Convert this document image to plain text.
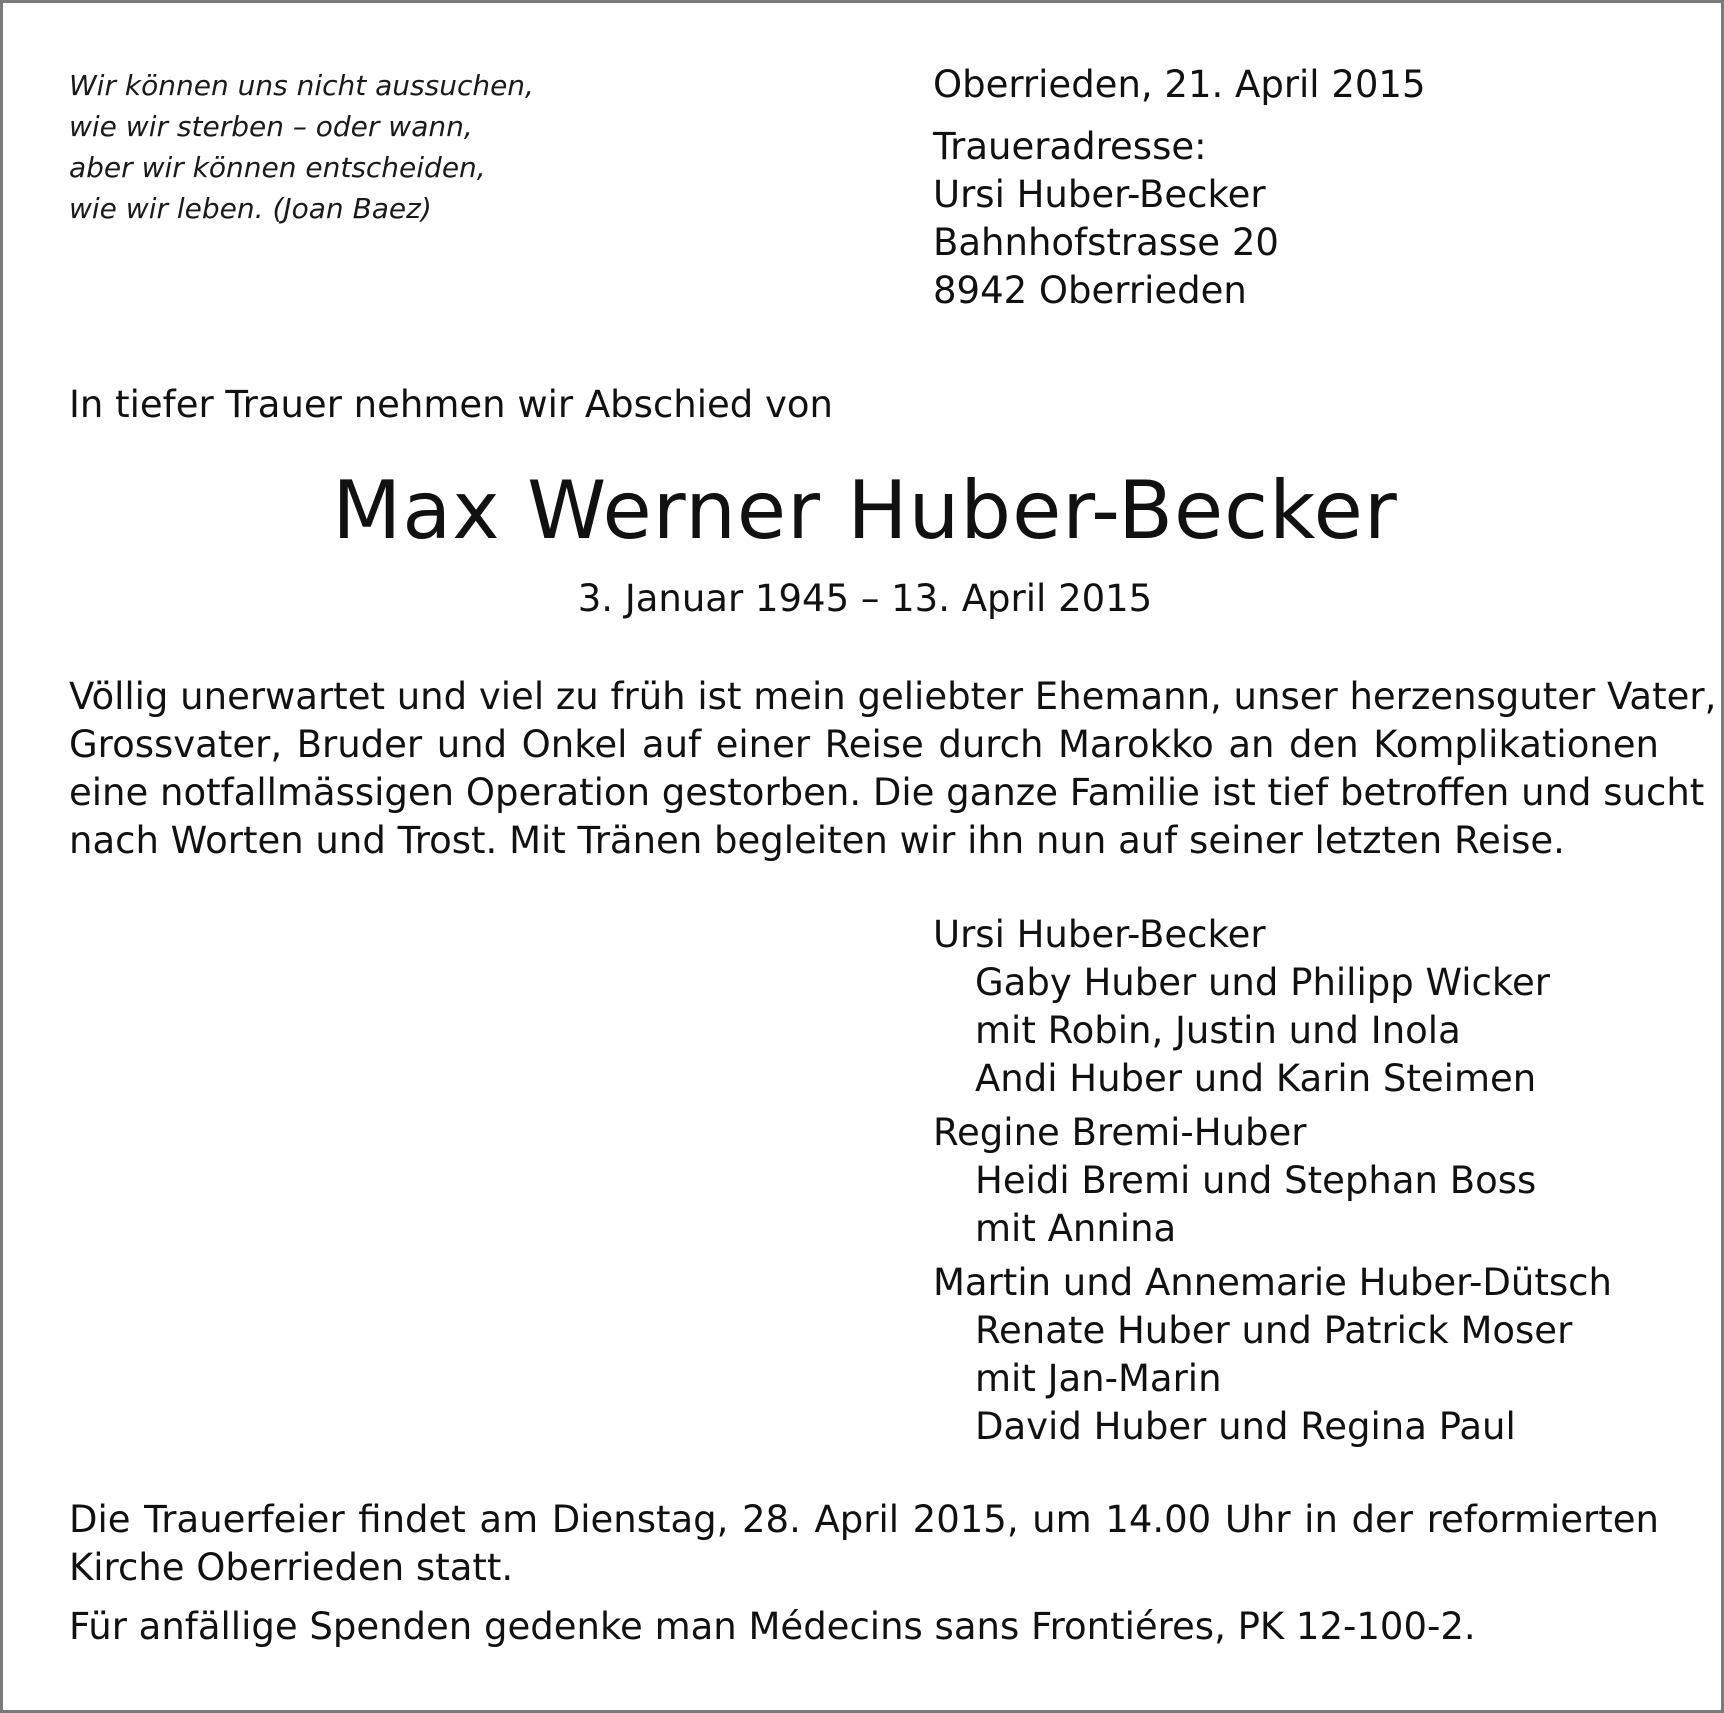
Wir können uns nicht aussuchen,
wie wir sterben – oder wann,
aber wir können entscheiden,
wie wir leben. (Joan Baez)
Oberrieden, 21. April 2015
Traueradresse:
Ursi Huber-Becker
Bahnhofstrasse 20
8942 Oberrieden
In tiefer Trauer nehmen wir Abschied von
Max Werner Huber-Becker
3. Januar 1945 – 13. April 2015
Völlig unerwartet und viel zu früh ist mein geliebter Ehemann, unser herzensguter Vater,
Grossvater, Bruder und Onkel auf einer Reise durch Marokko an den Komplikationen
eine notfallmässigen Operation gestorben. Die ganze Familie ist tief betroffen und sucht
nach Worten und Trost. Mit Tränen begleiten wir ihn nun auf seiner letzten Reise.
Ursi Huber-Becker
Gaby Huber und Philipp Wicker
mit Robin, Justin und Inola
Andi Huber und Karin Steimen
Regine Bremi-Huber
Heidi Bremi und Stephan Boss
mit Annina
Martin und Annemarie Huber-Dütsch
Renate Huber und Patrick Moser
mit Jan-Marin
David Huber und Regina Paul
Die Trauerfeier findet am Dienstag, 28. April 2015, um 14.00 Uhr in der reformierten
Kirche Oberrieden statt.
Für anfällige Spenden gedenke man Médecins sans Frontiéres, PK 12-100-2.
